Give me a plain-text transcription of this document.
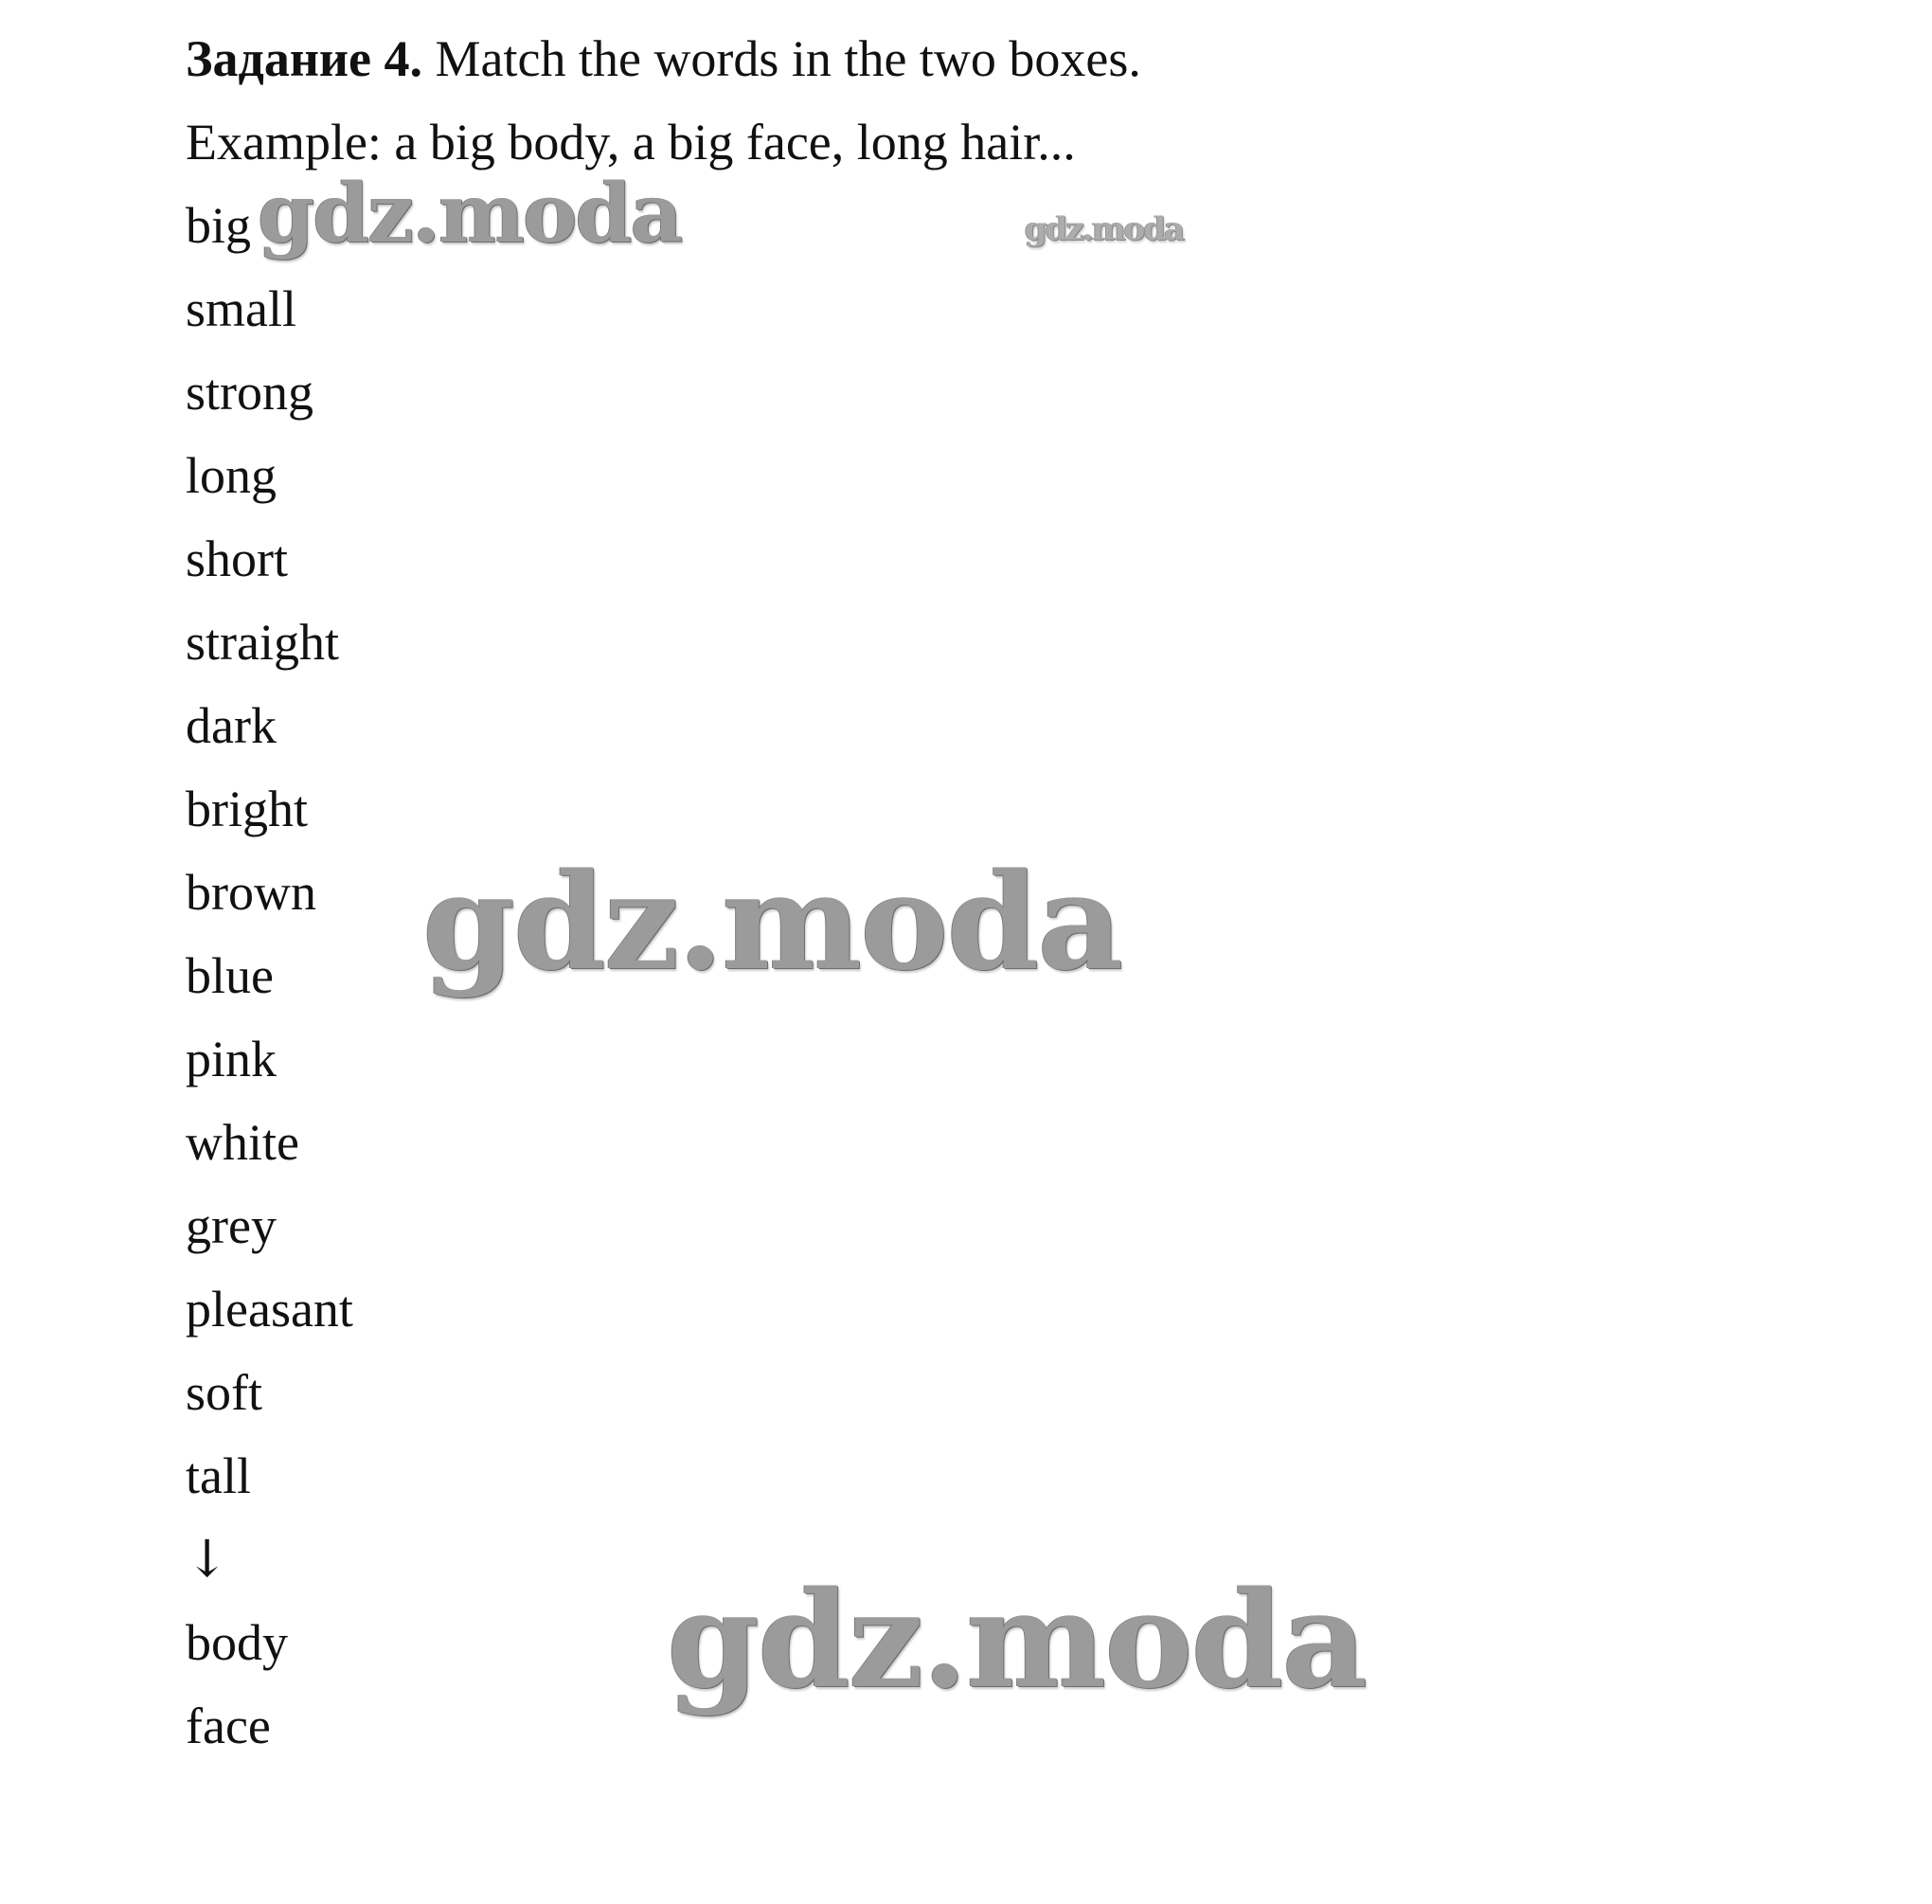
Задание 4. Match the words in the two boxes.
Example: a big body, a big face, long hair...
big
small
strong
long
short
straight
dark
bright
brown
blue
pink
white
grey
pleasant
soft
tall
↓
body
face
gdz.moda	gdz.moda
gdz.moda
gdz.moda
